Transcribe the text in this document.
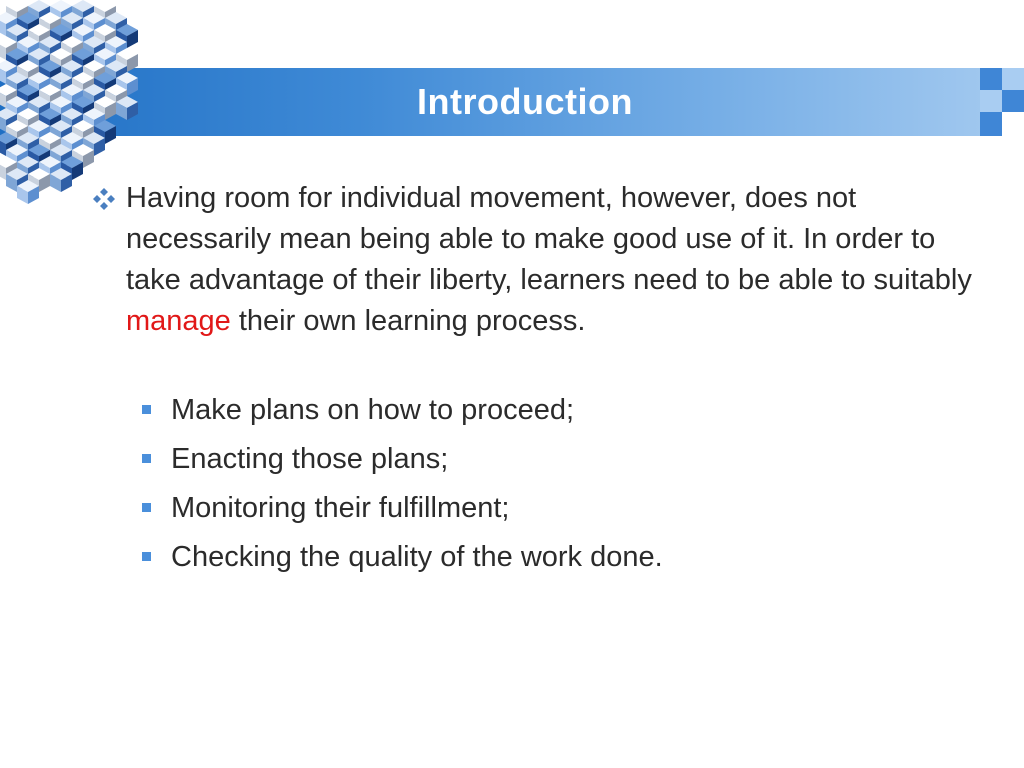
Introduction
Having room for individual movement, however, does not necessarily mean being able to make good use of it. In order to take advantage of their liberty, learners need to be able to suitably manage their own learning process.
Make plans on how to proceed;
Enacting those plans;
Monitoring their fulfillment;
Checking the quality of the work done.
